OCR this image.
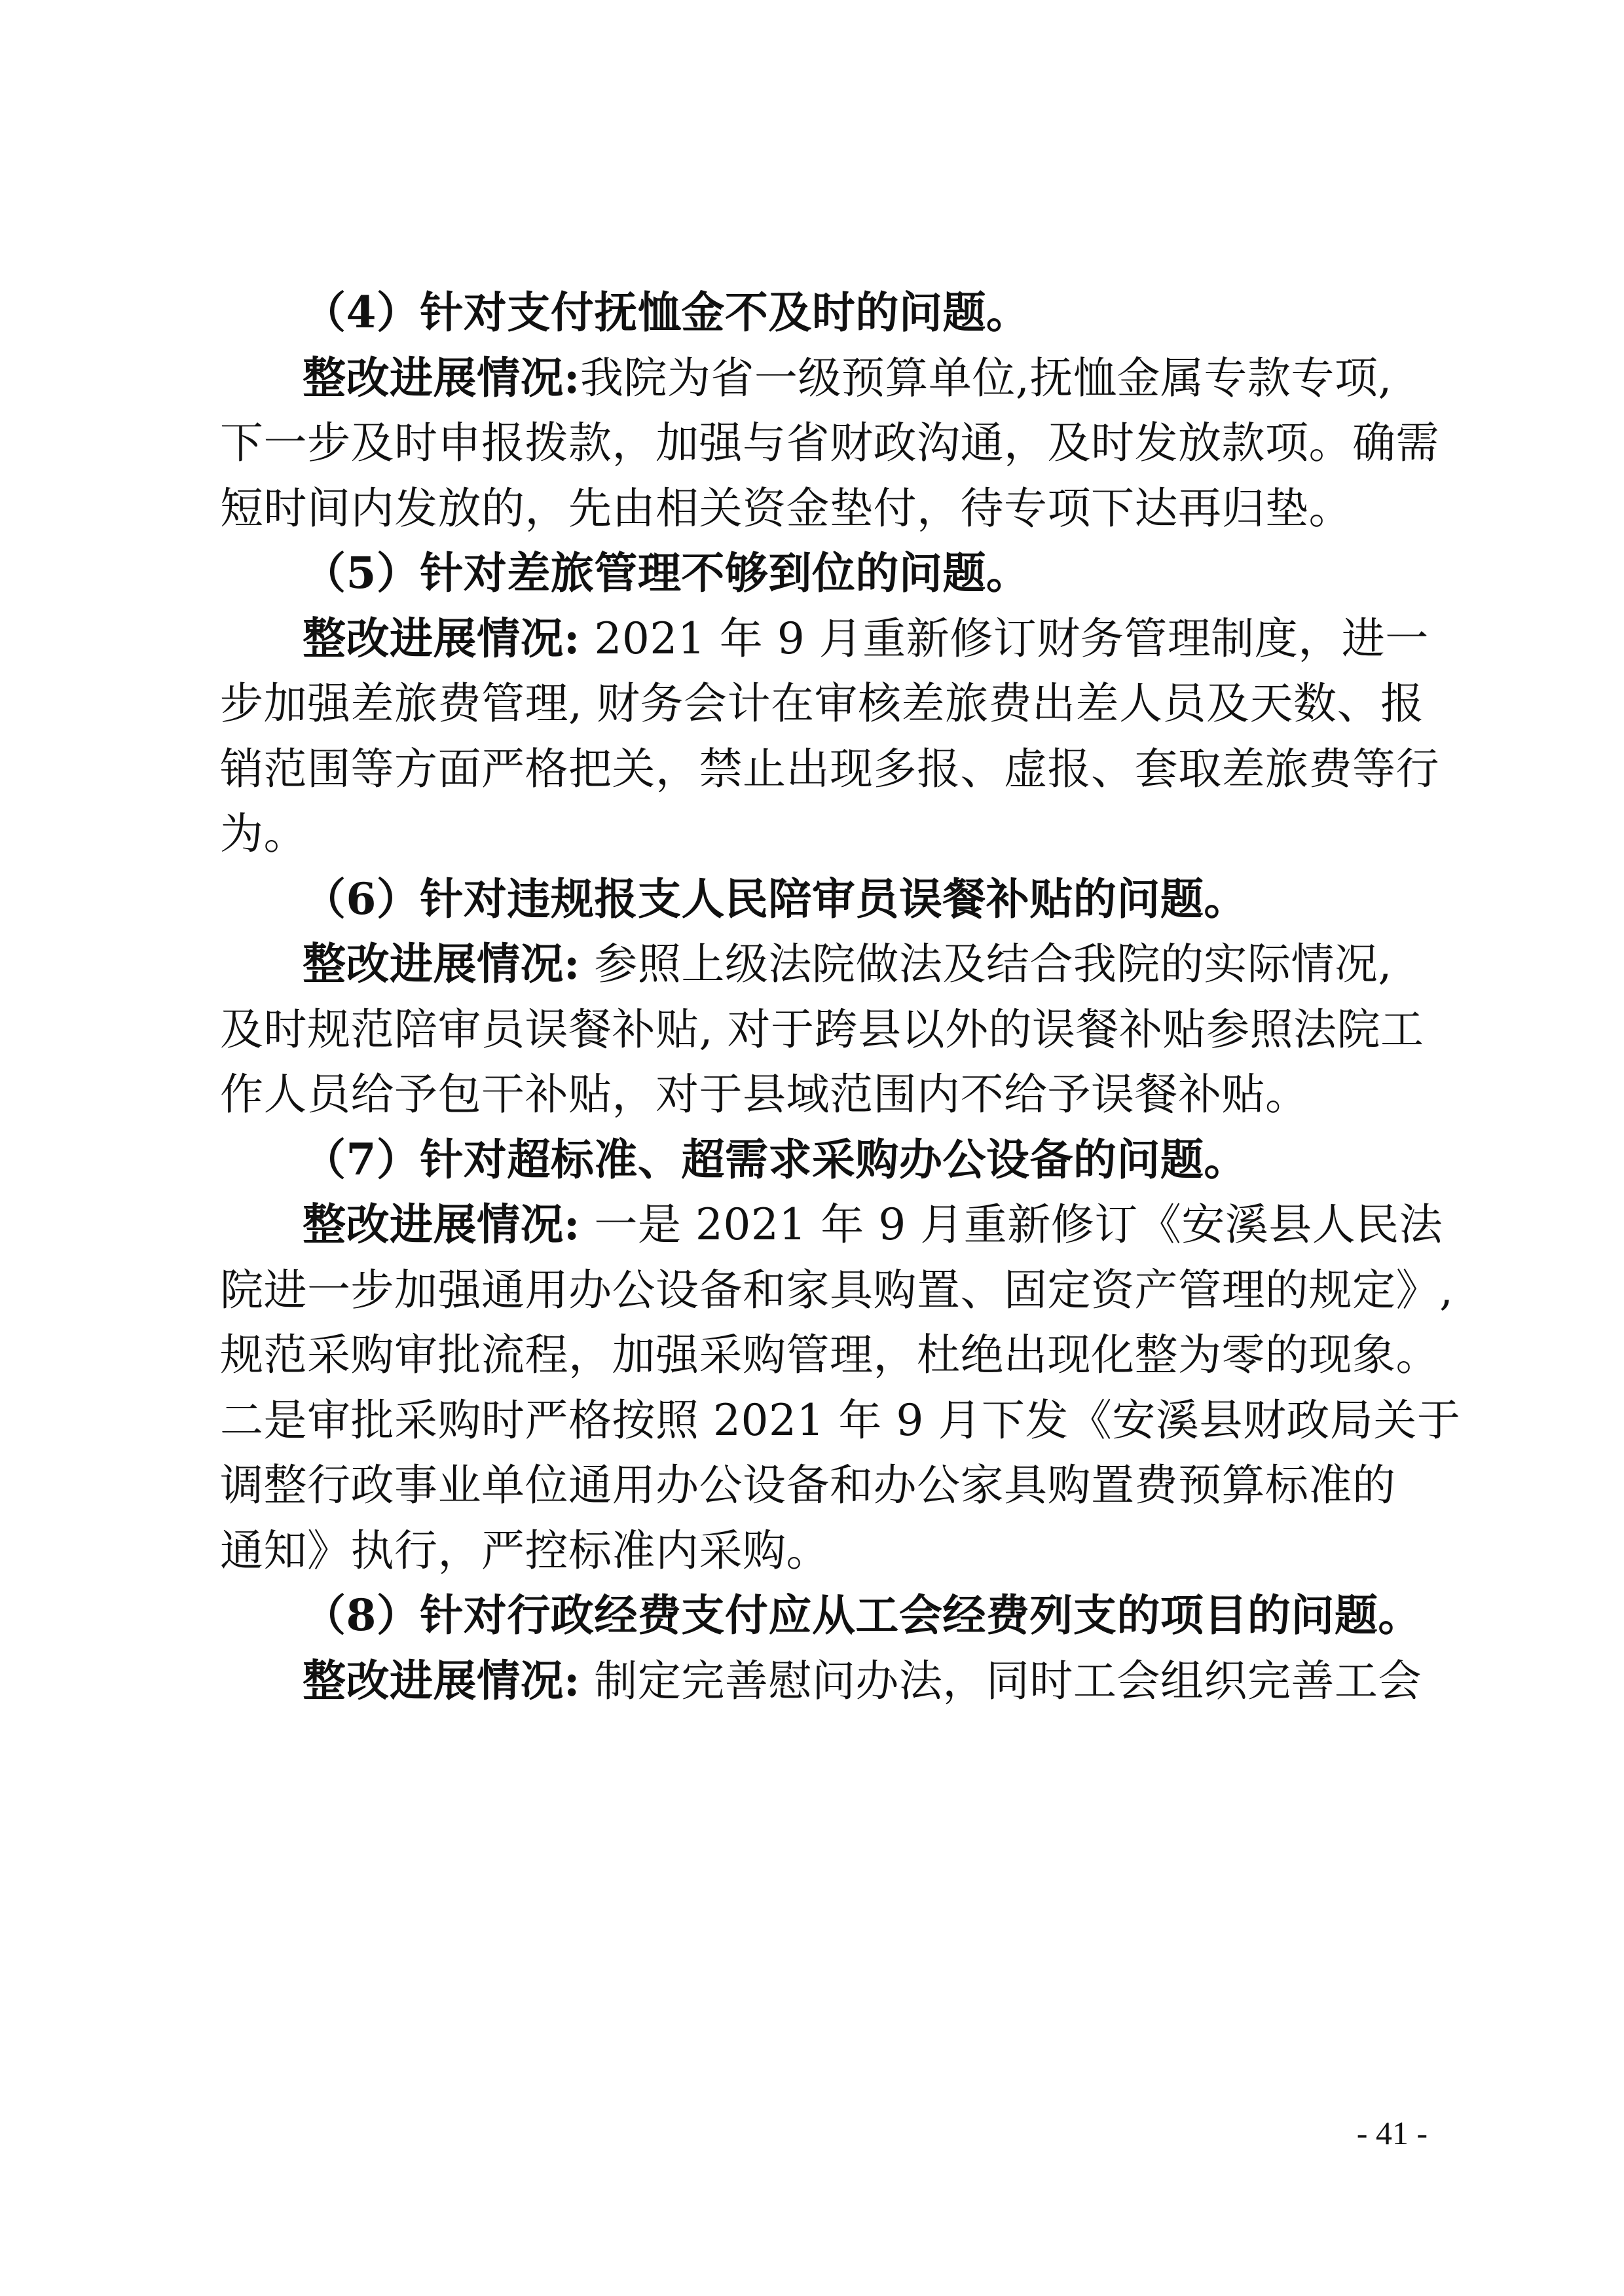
（4）针对支付抚恤金不及时的问题。
整改进展情况:我院为省一级预算单位,抚恤金属专款专项,
下一步及时申报拨款，加强与省财政沟通，及时发放款项。确需
短时间内发放的，先由相关资金垫付，待专项下达再归垫。
（5）针对差旅管理不够到位的问题。
整改进展情况: 2021 年 9 月重新修订财务管理制度，进一
步加强差旅费管理, 财务会计在审核差旅费出差人员及天数、报
销范围等方面严格把关，禁止出现多报、虚报、套取差旅费等行
为。
（6）针对违规报支人民陪审员误餐补贴的问题。
整改进展情况: 参照上级法院做法及结合我院的实际情况,
及时规范陪审员误餐补贴, 对于跨县以外的误餐补贴参照法院工
作人员给予包干补贴，对于县域范围内不给予误餐补贴。
（7）针对超标准、超需求采购办公设备的问题。
整改进展情况: 一是 2021 年 9 月重新修订《安溪县人民法
院进一步加强通用办公设备和家具购置、固定资产管理的规定》,
规范采购审批流程，加强采购管理，杜绝出现化整为零的现象。
二是审批采购时严格按照 2021 年 9 月下发《安溪县财政局关于
调整行政事业单位通用办公设备和办公家具购置费预算标准的
通知》执行，严控标准内采购。
（8）针对行政经费支付应从工会经费列支的项目的问题。
整改进展情况: 制定完善慰问办法，同时工会组织完善工会
- 41 -
